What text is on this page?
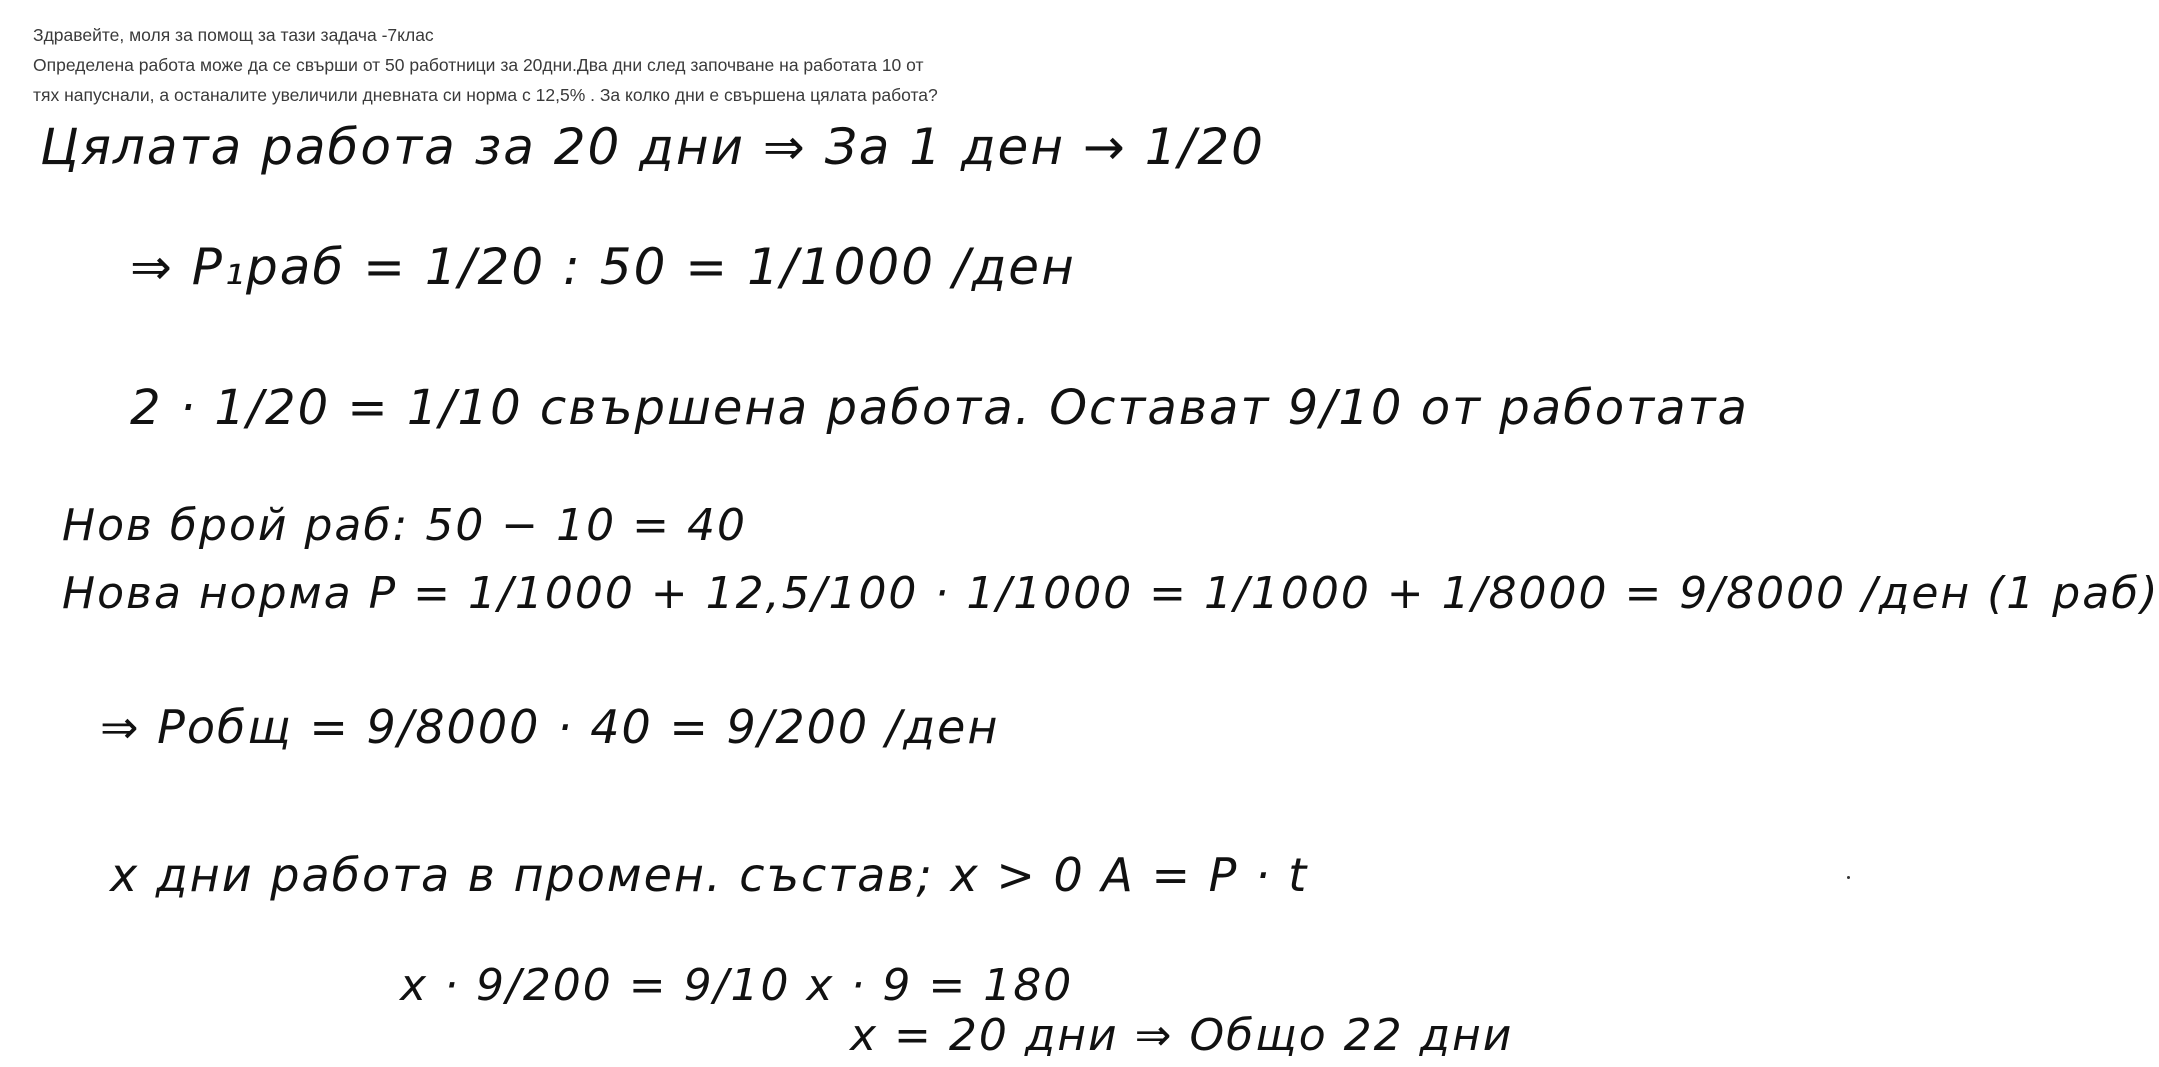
Здравейте, моля за помощ за тази задача -7клас

Определена работа може да се свърши от 50 работници за 20дни.Два дни след започване на работата 10 от

тях напуснали, а останалите увеличили дневната си норма с 12,5% . За колко дни е свършена цялата работа?

Цялата работа за 20 дни ⇒ За 1 ден → 1/20

⇒ P₁раб = 1/20 : 50 = 1/1000 /ден

2 · 1/20 = 1/10 свършена работа. Остават 9/10 от работата

Нов брой раб: 50 − 10 = 40

Нова норма P = 1/1000 + 12,5/100 · 1/1000 = 1/1000 + 1/8000 = 9/8000 /ден (1 раб)

⇒ Pобщ = 9/8000 · 40 = 9/200 /ден

x дни работа в промен. състав; x > 0 A = P · t

x · 9/200 = 9/10 x · 9 = 180

x = 20 дни ⇒ Общо 22 дни
